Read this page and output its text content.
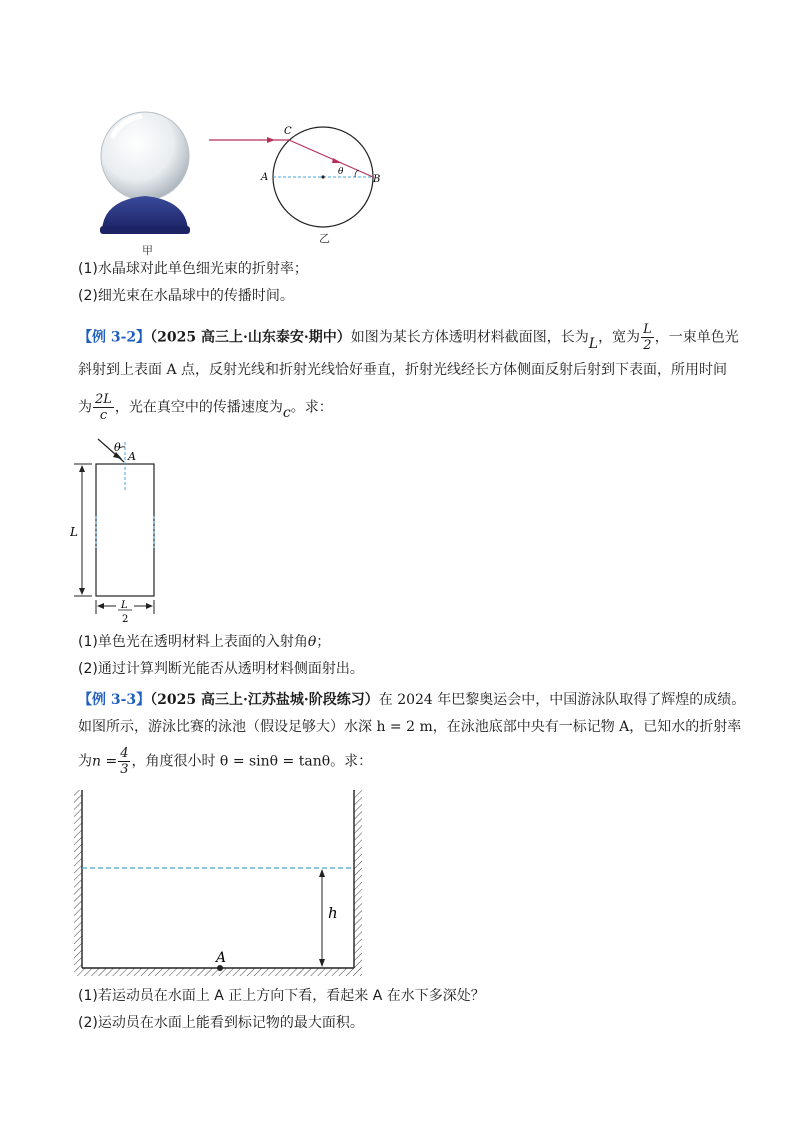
甲
C
A	B
θ
乙
(1)水晶球对此单色细光束的折射率；
(2)细光束在水晶球中的传播时间。
【例 3-2】（2025 高三上·山东泰安·期中）如图为某长方体透明材料截面图，长为L，宽为 $\frac{L}{2}$ ，一束单色光
斜射到上表面 A 点，反射光线和折射光线恰好垂直，折射光线经长方体侧面反射后射到下表面，所用时间
为 $\frac{2L}{c}$ ，光在真空中的传播速度为c。求：
θ
A
L
L
2
(1)单色光在透明材料上表面的入射角θ；
(2)通过计算判断光能否从透明材料侧面射出。
【例 3-3】（2025 高三上·江苏盐城·阶段练习）在 2024 年巴黎奥运会中，中国游泳队取得了辉煌的成绩。
如图所示，游泳比赛的泳池（假设足够大）水深 h = 2 m，在泳池底部中央有一标记物 A，已知水的折射率
为$n = \frac{4}{3}$ ，角度很小时 θ = sinθ = tanθ。求：
h
A
(1)若运动员在水面上 A 正上方向下看，看起来 A 在水下多深处？
(2)运动员在水面上能看到标记物的最大面积。
